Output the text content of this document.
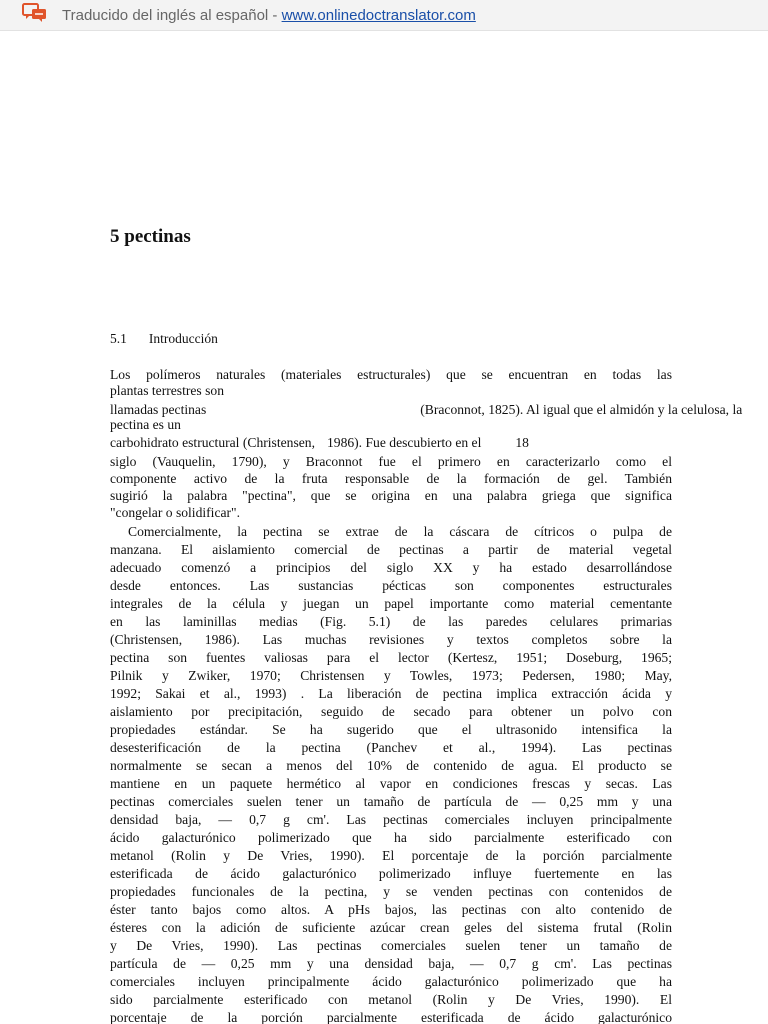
Traducido del inglés al español - www.onlinedoctranslator.com
5 pectinas
5.1 Introducción
Los polímeros naturales (materiales estructurales) que se encuentran en todas las
plantas terrestres son
llamadas pectinas	(Braconnot, 1825). Al igual que el almidón y la celulosa, la
pectina es un
carbohidrato estructural (Christensen, 1986). Fue descubierto en el	18
siglo (Vauquelin, 1790), y Braconnot fue el primero en caracterizarlo como el
componente activo de la fruta responsable de la formación de gel. También
sugirió la palabra "pectina", que se origina en una palabra griega que significa
"congelar o solidificar".
Comercialmente, la pectina se extrae de la cáscara de cítricos o pulpa de
manzana. El aislamiento comercial de pectinas a partir de material vegetal
adecuado comenzó a principios del siglo XX y ha estado desarrollándose
desde entonces. Las sustancias pécticas son componentes estructurales
integrales de la célula y juegan un papel importante como material cementante
en las laminillas medias (Fig. 5.1) de las paredes celulares primarias
(Christensen, 1986). Las muchas revisiones y textos completos sobre la
pectina son fuentes valiosas para el lector (Kertesz, 1951; Doseburg, 1965;
Pilnik y Zwiker, 1970; Christensen y Towles, 1973; Pedersen, 1980; May,
1992; Sakai et al., 1993) . La liberación de pectina implica extracción ácida y
aislamiento por precipitación, seguido de secado para obtener un polvo con
propiedades estándar. Se ha sugerido que el ultrasonido intensifica la
desesterificación de la pectina (Panchev et al., 1994). Las pectinas
normalmente se secan a menos del 10% de contenido de agua. El producto se
mantiene en un paquete hermético al vapor en condiciones frescas y secas. Las
pectinas comerciales suelen tener un tamaño de partícula de — 0,25 mm y una
densidad baja, — 0,7 g cm'. Las pectinas comerciales incluyen principalmente
ácido galacturónico polimerizado que ha sido parcialmente esterificado con
metanol (Rolin y De Vries, 1990). El porcentaje de la porción parcialmente
esterificada de ácido galacturónico polimerizado influye fuertemente en las
propiedades funcionales de la pectina, y se venden pectinas con contenidos de
éster tanto bajos como altos. A pHs bajos, las pectinas con alto contenido de
ésteres con la adición de suficiente azúcar crean geles del sistema frutal (Rolin
y De Vries, 1990). Las pectinas comerciales suelen tener un tamaño de
partícula de — 0,25 mm y una densidad baja, — 0,7 g cm'. Las pectinas
comerciales incluyen principalmente ácido galacturónico polimerizado que ha
sido parcialmente esterificado con metanol (Rolin y De Vries, 1990). El
porcentaje de la porción parcialmente esterificada de ácido galacturónico
